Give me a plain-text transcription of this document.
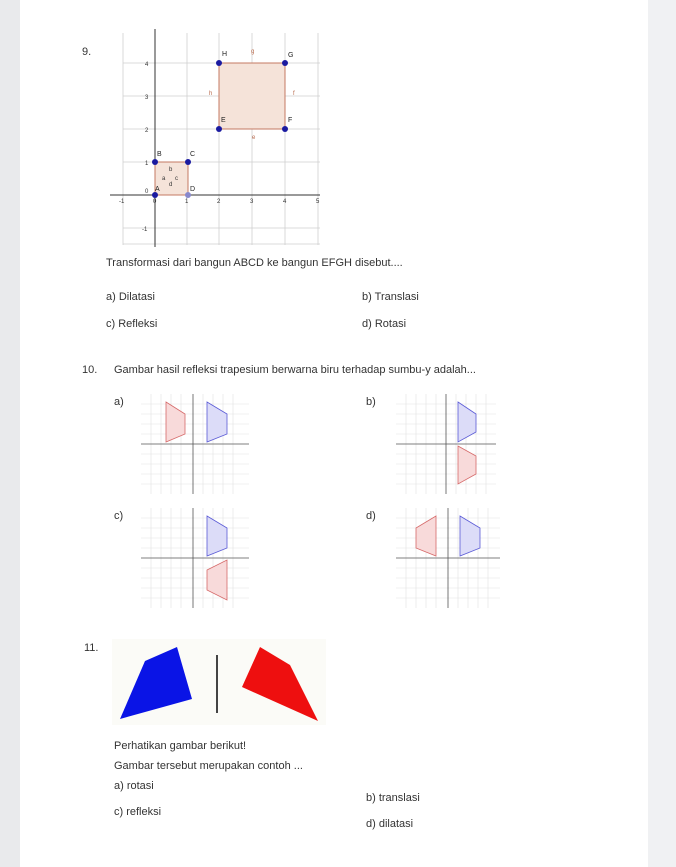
9.
-1	0	1	2	3	4	5
4
3
2
1
0
-1
H	G
E	F
B	C
A	D
g
h	f
e
b
a c
d
Transformasi dari bangun ABCD ke bangun EFGH disebut....
a) Dilatasi	b) Translasi
c) Refleksi	d) Rotasi
10. Gambar hasil refleksi trapesium berwarna biru terhadap sumbu-y adalah...
a)	b)
c)	d)
11.
Perhatikan gambar berikut!
Gambar tersebut merupakan contoh ...
a) rotasi
b) translasi
c) refleksi
d) dilatasi
